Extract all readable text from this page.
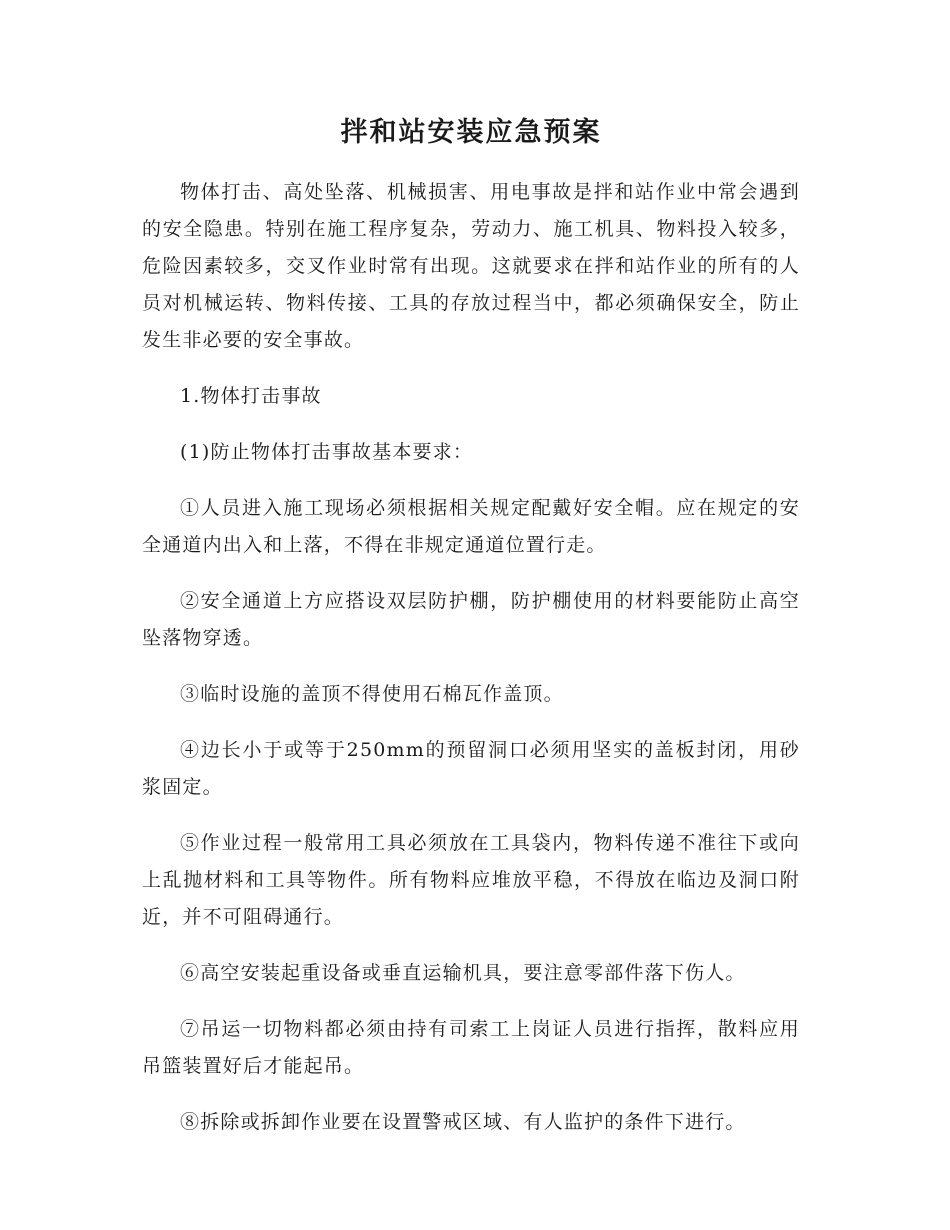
拌和站安装应急预案

物体打击、高处坠落、机械损害、用电事故是拌和站作业中常会遇到的安全隐患。特别在施工程序复杂，劳动力、施工机具、物料投入较多，危险因素较多，交叉作业时常有出现。这就要求在拌和站作业的所有的人员对机械运转、物料传接、工具的存放过程当中，都必须确保安全，防止发生非必要的安全事故。

1.物体打击事故

(1)防止物体打击事故基本要求：

①人员进入施工现场必须根据相关规定配戴好安全帽。应在规定的安全通道内出入和上落，不得在非规定通道位置行走。

②安全通道上方应搭设双层防护棚，防护棚使用的材料要能防止高空坠落物穿透。

③临时设施的盖顶不得使用石棉瓦作盖顶。

④边长小于或等于250mm的预留洞口必须用坚实的盖板封闭，用砂浆固定。

⑤作业过程一般常用工具必须放在工具袋内，物料传递不准往下或向上乱抛材料和工具等物件。所有物料应堆放平稳，不得放在临边及洞口附近，并不可阻碍通行。

⑥高空安装起重设备或垂直运输机具，要注意零部件落下伤人。

⑦吊运一切物料都必须由持有司索工上岗证人员进行指挥，散料应用吊篮装置好后才能起吊。

⑧拆除或拆卸作业要在设置警戒区域、有人监护的条件下进行。
